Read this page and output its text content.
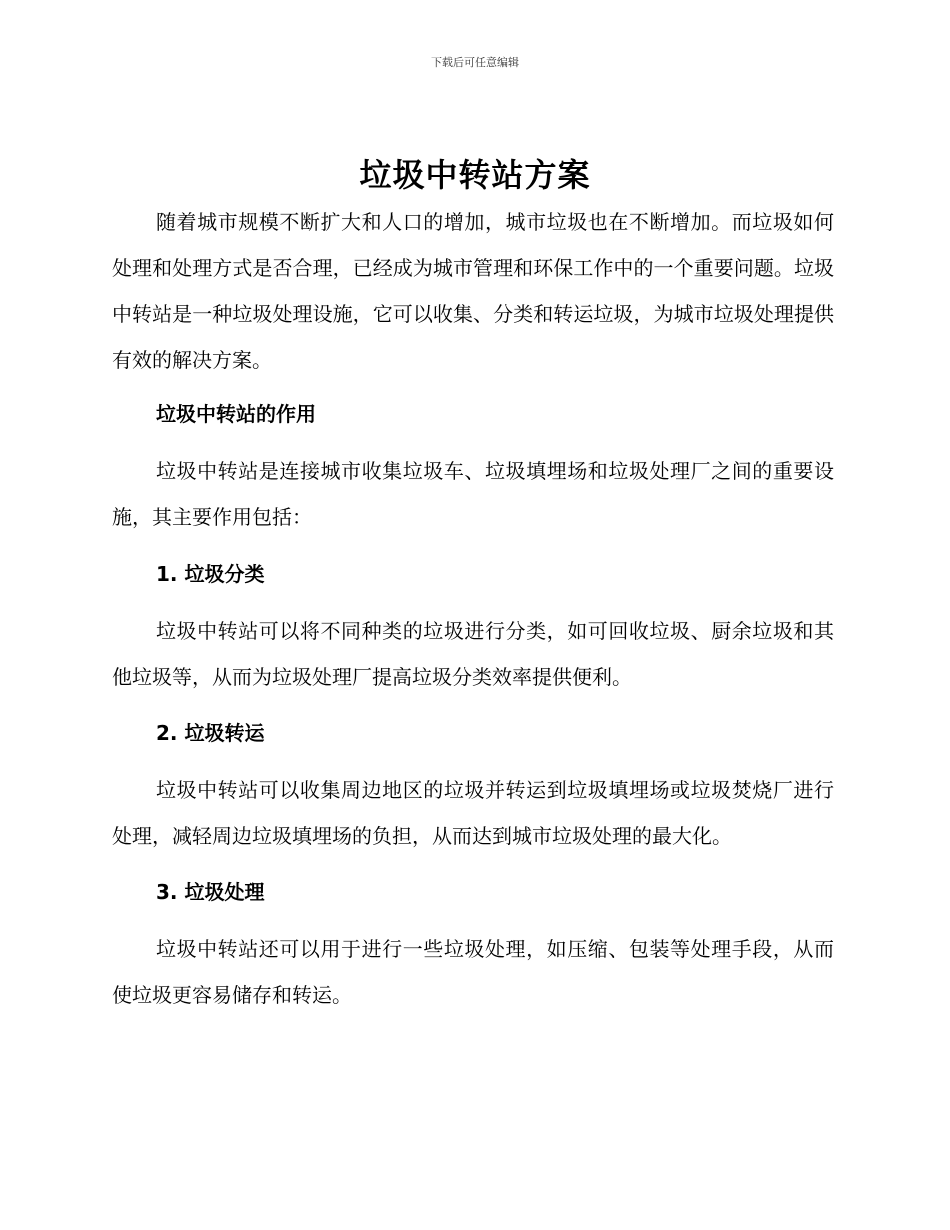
下载后可任意编辑
垃圾中转站方案

随着城市规模不断扩大和人口的增加，城市垃圾也在不断增加。而垃圾如何处理和处理方式是否合理，已经成为城市管理和环保工作中的一个重要问题。垃圾中转站是一种垃圾处理设施，它可以收集、分类和转运垃圾，为城市垃圾处理提供有效的解决方案。

垃圾中转站的作用

垃圾中转站是连接城市收集垃圾车、垃圾填埋场和垃圾处理厂之间的重要设施，其主要作用包括：

1. 垃圾分类

垃圾中转站可以将不同种类的垃圾进行分类，如可回收垃圾、厨余垃圾和其他垃圾等，从而为垃圾处理厂提高垃圾分类效率提供便利。

2. 垃圾转运

垃圾中转站可以收集周边地区的垃圾并转运到垃圾填埋场或垃圾焚烧厂进行处理，减轻周边垃圾填埋场的负担，从而达到城市垃圾处理的最大化。

3. 垃圾处理

垃圾中转站还可以用于进行一些垃圾处理，如压缩、包装等处理手段，从而使垃圾更容易储存和转运。
